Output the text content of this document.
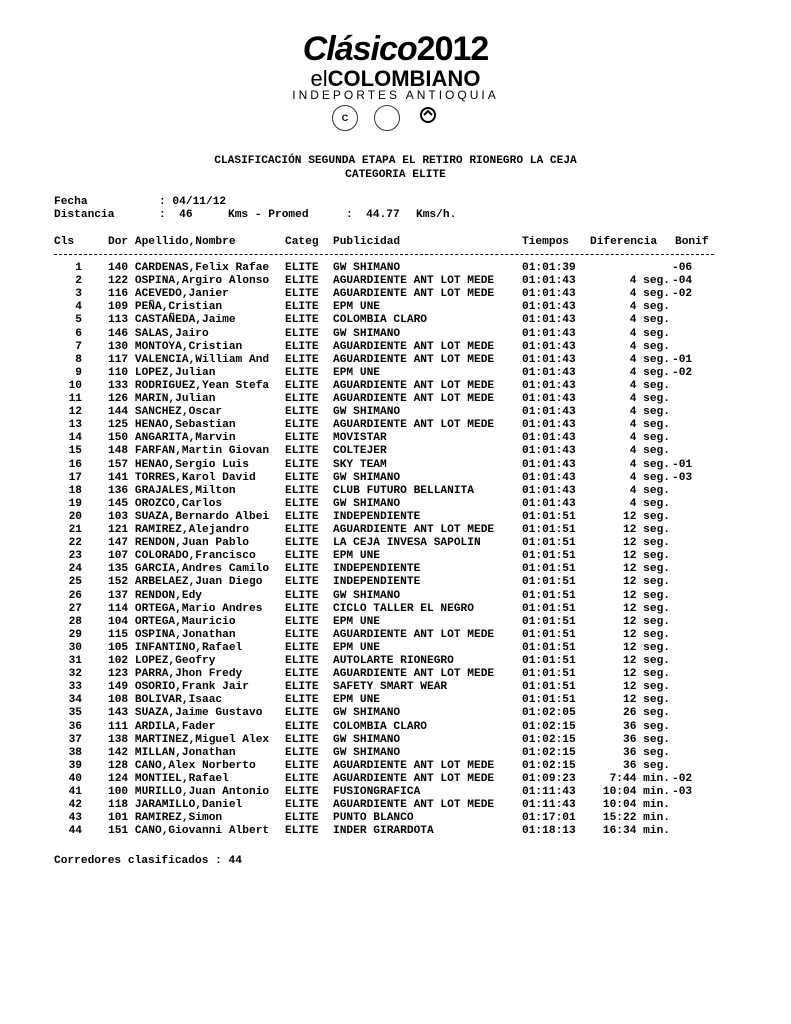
Clásico2012
elCOLOMBIANO
INDEPORTES ANTIOQUIA
C
CLASIFICACIÓN SEGUNDA ETAPA EL RETIRO RIONEGRO LA CEJA
CATEGORIA ELITE
Fecha	: 04/11/12
Distancia	:  46	Kms - Promed	:  44.77 Kms/h.
Cls	Dor Apellido,Nombre	Categ Publicidad	Tiempos Diferencia Bonif
1 140 CARDENAS,Felix Rafae ELITE GW SHIMANO	01:01:39	-06
2 122 OSPINA,Argiro Alonso ELITE AGUARDIENTE ANT LOT MEDE 01:01:43	4 seg. -04
3 116 ACEVEDO,Janier	ELITE AGUARDIENTE ANT LOT MEDE 01:01:43	4 seg. -02
4 109 PEÑA,Cristian	ELITE EPM UNE	01:01:43	4 seg.
5 113 CASTAÑEDA,Jaime	ELITE COLOMBIA CLARO	01:01:43	4 seg.
6 146 SALAS,Jairo	ELITE GW SHIMANO	01:01:43	4 seg.
7 130 MONTOYA,Cristian	ELITE AGUARDIENTE ANT LOT MEDE 01:01:43	4 seg.
8 117 VALENCIA,William And ELITE AGUARDIENTE ANT LOT MEDE 01:01:43	4 seg. -01
9 110 LOPEZ,Julian	ELITE EPM UNE	01:01:43	4 seg. -02
10 133 RODRIGUEZ,Yean Stefa ELITE AGUARDIENTE ANT LOT MEDE 01:01:43	4 seg.
11 126 MARIN,Julian	ELITE AGUARDIENTE ANT LOT MEDE 01:01:43	4 seg.
12 144 SANCHEZ,Oscar	ELITE GW SHIMANO	01:01:43	4 seg.
13 125 HENAO,Sebastian	ELITE AGUARDIENTE ANT LOT MEDE 01:01:43	4 seg.
14 150 ANGARITA,Marvin	ELITE MOVISTAR	01:01:43	4 seg.
15 148 FARFAN,Martin Giovan ELITE COLTEJER	01:01:43	4 seg.
16 157 HENAO,Sergio Luis	ELITE SKY TEAM	01:01:43	4 seg. -01
17 141 TORRES,Karol David	ELITE GW SHIMANO	01:01:43	4 seg. -03
18 136 GRAJALES,Milton	ELITE CLUB FUTURO BELLANITA	01:01:43	4 seg.
19 145 OROZCO,Carlos	ELITE GW SHIMANO	01:01:43	4 seg.
20 103 SUAZA,Bernardo Albei ELITE INDEPENDIENTE	01:01:51	12 seg.
21 121 RAMIREZ,Alejandro	ELITE AGUARDIENTE ANT LOT MEDE 01:01:51	12 seg.
22 147 RENDON,Juan Pablo	ELITE LA CEJA INVESA SAPOLIN	01:01:51	12 seg.
23 107 COLORADO,Francisco	ELITE EPM UNE	01:01:51	12 seg.
24 135 GARCIA,Andres Camilo ELITE INDEPENDIENTE	01:01:51	12 seg.
25 152 ARBELAEZ,Juan Diego ELITE INDEPENDIENTE	01:01:51	12 seg.
26 137 RENDON,Edy	ELITE GW SHIMANO	01:01:51	12 seg.
27 114 ORTEGA,Mario Andres ELITE CICLO TALLER EL NEGRO	01:01:51	12 seg.
28 104 ORTEGA,Mauricio	ELITE EPM UNE	01:01:51	12 seg.
29 115 OSPINA,Jonathan	ELITE AGUARDIENTE ANT LOT MEDE 01:01:51	12 seg.
30 105 INFANTINO,Rafael	ELITE EPM UNE	01:01:51	12 seg.
31 102 LOPEZ,Geofry	ELITE AUTOLARTE RIONEGRO	01:01:51	12 seg.
32 123 PARRA,Jhon Fredy	ELITE AGUARDIENTE ANT LOT MEDE 01:01:51	12 seg.
33 149 OSORIO,Frank Jair	ELITE SAFETY SMART WEAR	01:01:51	12 seg.
34 108 BOLIVAR,Isaac	ELITE EPM UNE	01:01:51	12 seg.
35 143 SUAZA,Jaime Gustavo ELITE GW SHIMANO	01:02:05	26 seg.
36 111 ARDILA,Fader	ELITE COLOMBIA CLARO	01:02:15	36 seg.
37 138 MARTINEZ,Miguel Alex ELITE GW SHIMANO	01:02:15	36 seg.
38 142 MILLAN,Jonathan	ELITE GW SHIMANO	01:02:15	36 seg.
39 128 CANO,Alex Norberto	ELITE AGUARDIENTE ANT LOT MEDE 01:02:15	36 seg.
40 124 MONTIEL,Rafael	ELITE AGUARDIENTE ANT LOT MEDE 01:09:23	7:44 min. -02
41 100 MURILLO,Juan Antonio ELITE FUSIONGRAFICA	01:11:43	10:04 min. -03
42 118 JARAMILLO,Daniel	ELITE AGUARDIENTE ANT LOT MEDE 01:11:43	10:04 min.
43 101 RAMIREZ,Simon	ELITE PUNTO BLANCO	01:17:01	15:22 min.
44 151 CANO,Giovanni Albert ELITE INDER GIRARDOTA	01:18:13	16:34 min.
Corredores clasificados : 44
